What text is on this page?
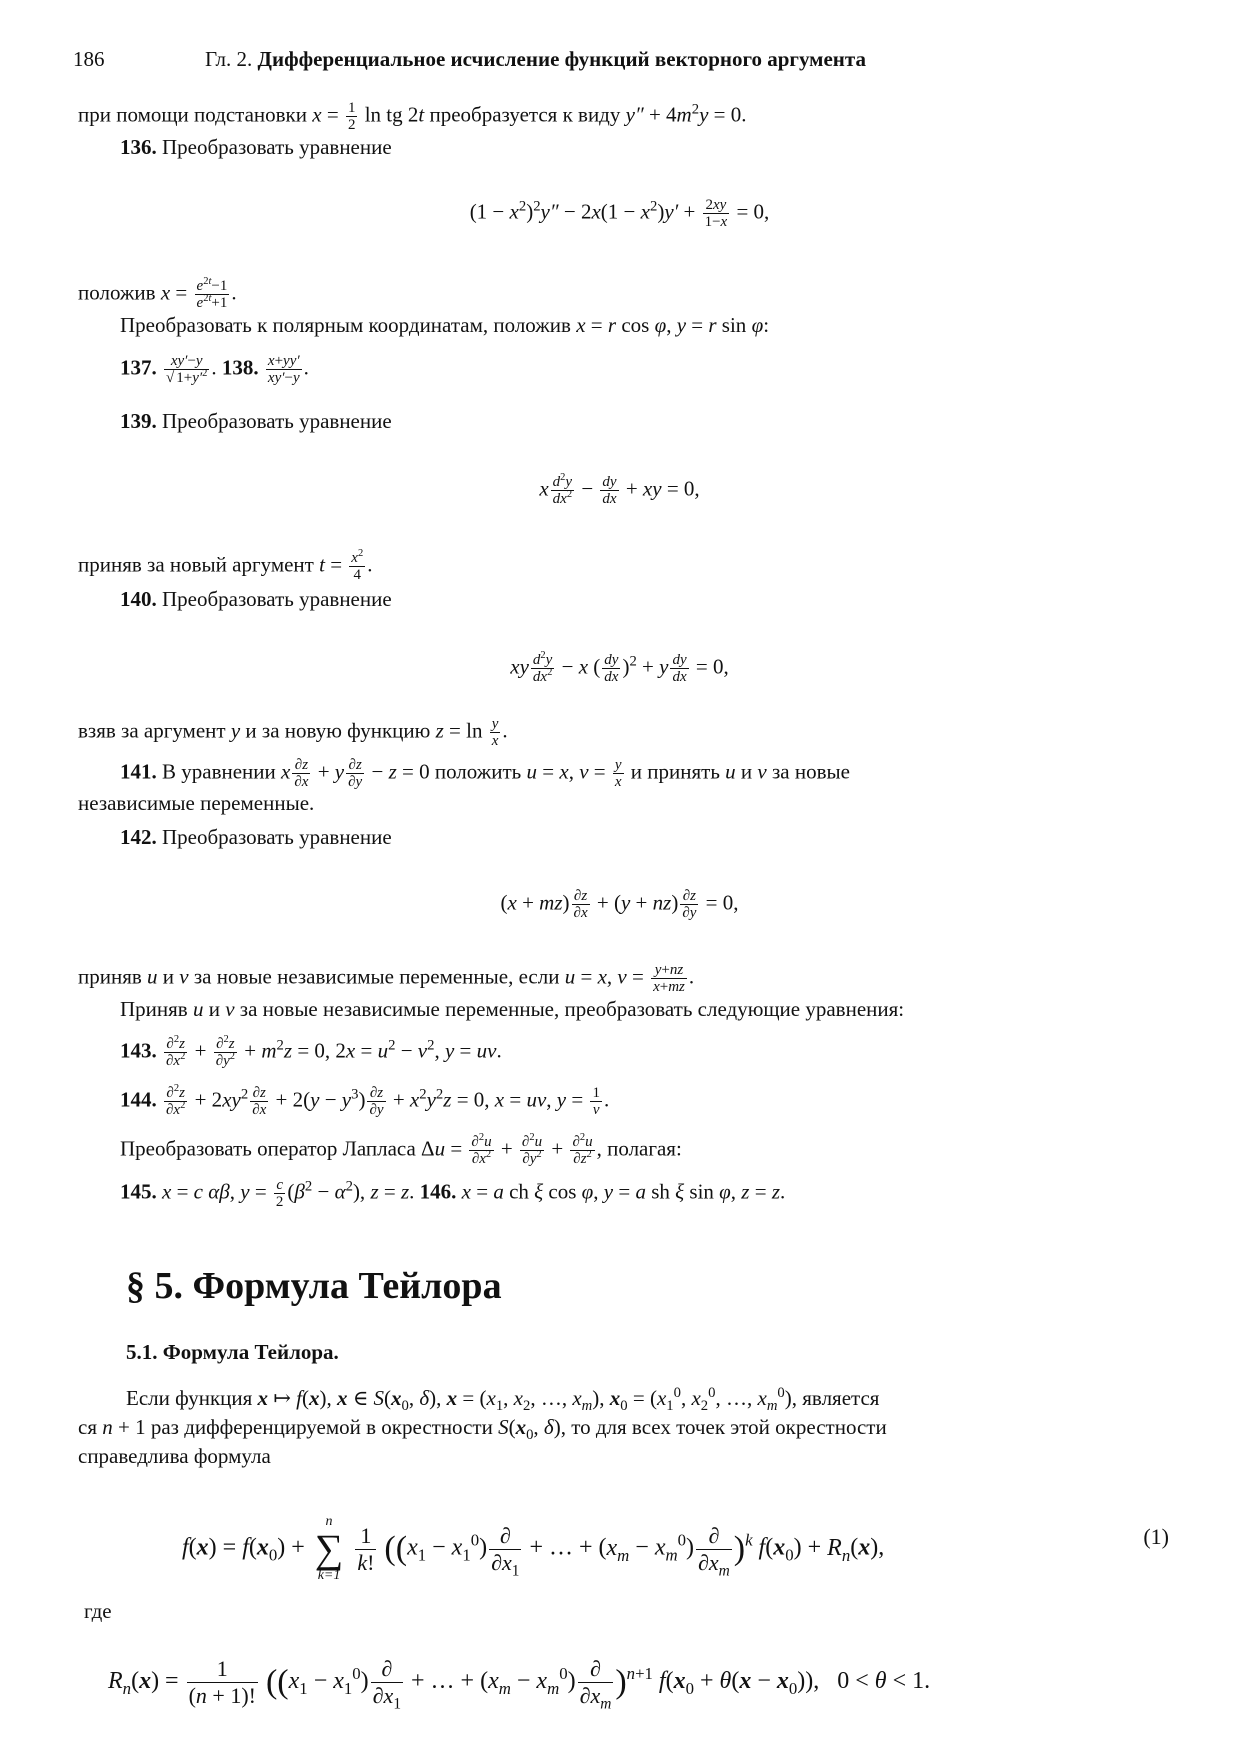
186	Гл. 2. Дифференциальное исчисление функций векторного аргумента
при помощи подстановки $x = \frac{1}{2}$ ln tg 2t преобразуется к виду $y'' + 4m^2y = 0$.
136. Преобразовать уравнение
$(1 - x^2)^2y'' - 2x(1 - x^2)y' + \frac{2xy}{1-x} = 0$,
положив $x = \frac{e^{2t}-1}{e^{2t}+1}$ .
Преобразовать к полярным координатам, положив x = r cos φ, y = r sin φ:
137. $\frac{xy'-y}{√ 1+y'^2}$ . 138. $\frac{x+yy'}{xy'-y}$ .
139. Преобразовать уравнение
x $\frac{d^2y}{dx^2} - \frac{dy}{dx}$ + xy = 0,
приняв за новый аргумент $t = \frac{x^2}{4}$ .
140. Преобразовать уравнение
xy $\frac{d^2y}{dx^2} - x$ ( $\frac{dy}{dx} )^2 + y \frac{dy}{dx} = 0$,
взяв за аргумент y и за новую функцию $z = \ln \frac{y}{x}$ .
141. В уравнении x $\frac{\partial z}{\partial x} + y \frac{\partial z}{\partial y} - z = 0$ положить u = x, $v = \frac{y}{x}$ и принять u и v за новые
независимые переменные.
142. Преобразовать уравнение
$(x + mz) \frac{\partial z}{\partial x} + (y + nz) \frac{\partial z}{\partial y} = 0$,
приняв u и v за новые независимые переменные, если u = x, $v = \frac{y+nz}{x+mz}$ .
Приняв u и v за новые независимые переменные, преобразовать следующие уравнения:
143. $\frac{\partial^2z}{\partial x^2} + \frac{\partial^2z}{\partial y^2} + m^2z = 0$, $2x = u^2 - v^2$, y = uv.
144. $\frac{\partial^2z}{\partial x^2} + 2xy^2 \frac{\partial z}{\partial x} + 2(y - y^3) \frac{\partial z}{\partial y} + x^2y^2z = 0$, x = uv, $y = \frac{1}{v}$ .
Преобразовать оператор Лапласа $\Delta u = \frac{\partial^2u}{\partial x^2} + \frac{\partial^2u}{\partial y^2} + \frac{\partial^2u}{\partial z^2}$ , полагая:
145. x = c αβ, $y = \frac{c}{2} (\beta^2 - \alpha^2)$, z = z. 146. x = a ch ξ cos φ, y = a sh ξ sin φ, z = z.
§ 5. Формула Тейлора
5.1. Формула Тейлора.
Если функция x ↦ f(x), x ∈ $S(x_0$, δ), $x = (x_1$, $x_2$, …, $x_m$), $x_0 = (x_1^0$, $x_2^0$, …, $x_m^0$), является
ся n + 1 раз дифференцируемой в окрестности $S(x_0$, δ), то для всех точек этой окрестности
справедлива формула
$f(x) = f(x_0)$ +
n
∑
k=1
$\frac{1}{k!} ((x_1 - x_1^0) \frac{\partial}{\partial x_1}$ + … + $(x_m - x_m^0) \frac{\partial}{\partial x_m} )^k$ $f(x_0) + R_n(x)$,	(1)
где
$R_n(x) = \frac{1}{(n + 1)!} ((x_1 - x_1^0) \frac{\partial}{\partial x_1}$ + … + $(x_m - x_m^0) \frac{\partial}{\partial x_m} )^{n+1}$ $f(x_0 + \theta(x - x_0))$,   0 < θ < 1.
